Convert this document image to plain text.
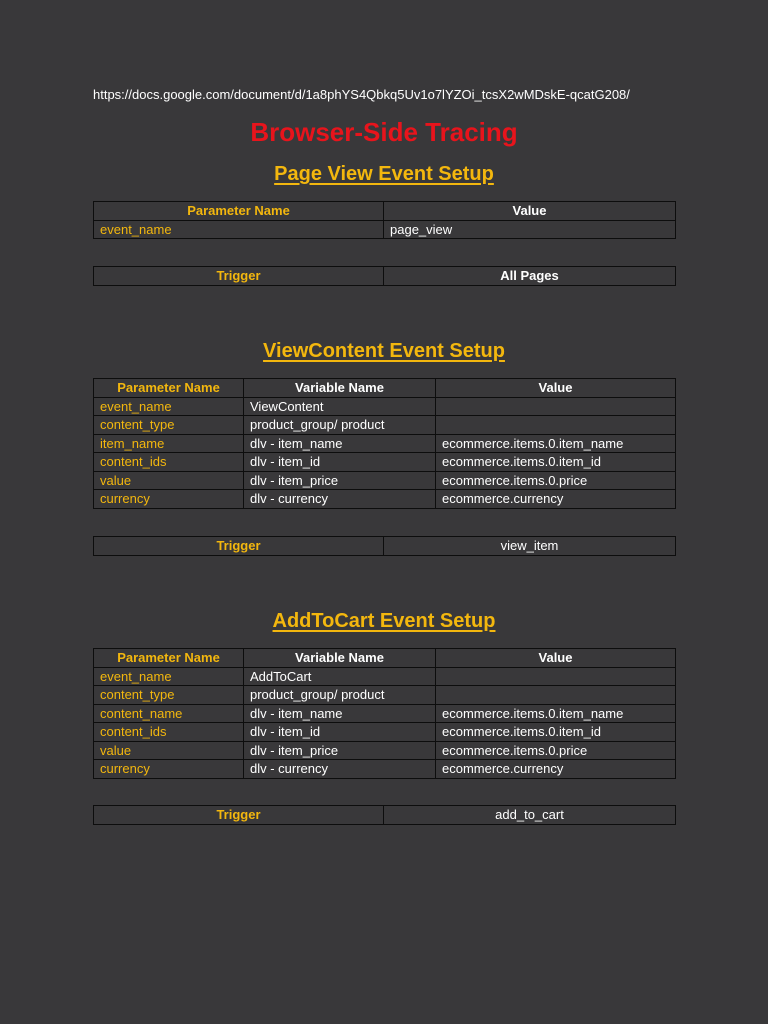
https://docs.google.com/document/d/1a8phYS4Qbkq5Uv1o7lYZOi_tcsX2wMDskE-qcatG208/
Browser-Side Tracing
Page View Event Setup
Parameter Name	Value
event_name	page_view
Trigger	All Pages
ViewContent Event Setup
Parameter Name	Variable Name	Value
event_name	ViewContent	
content_type	product_group/ product	
item_name	dlv - item_name	ecommerce.items.0.item_name
content_ids	dlv - item_id	ecommerce.items.0.item_id
value	dlv - item_price	ecommerce.items.0.price
currency	dlv - currency	ecommerce.currency
Trigger	view_item
AddToCart Event Setup
Parameter Name	Variable Name	Value
event_name	AddToCart	
content_type	product_group/ product	
content_name	dlv - item_name	ecommerce.items.0.item_name
content_ids	dlv - item_id	ecommerce.items.0.item_id
value	dlv - item_price	ecommerce.items.0.price
currency	dlv - currency	ecommerce.currency
Trigger	add_to_cart
